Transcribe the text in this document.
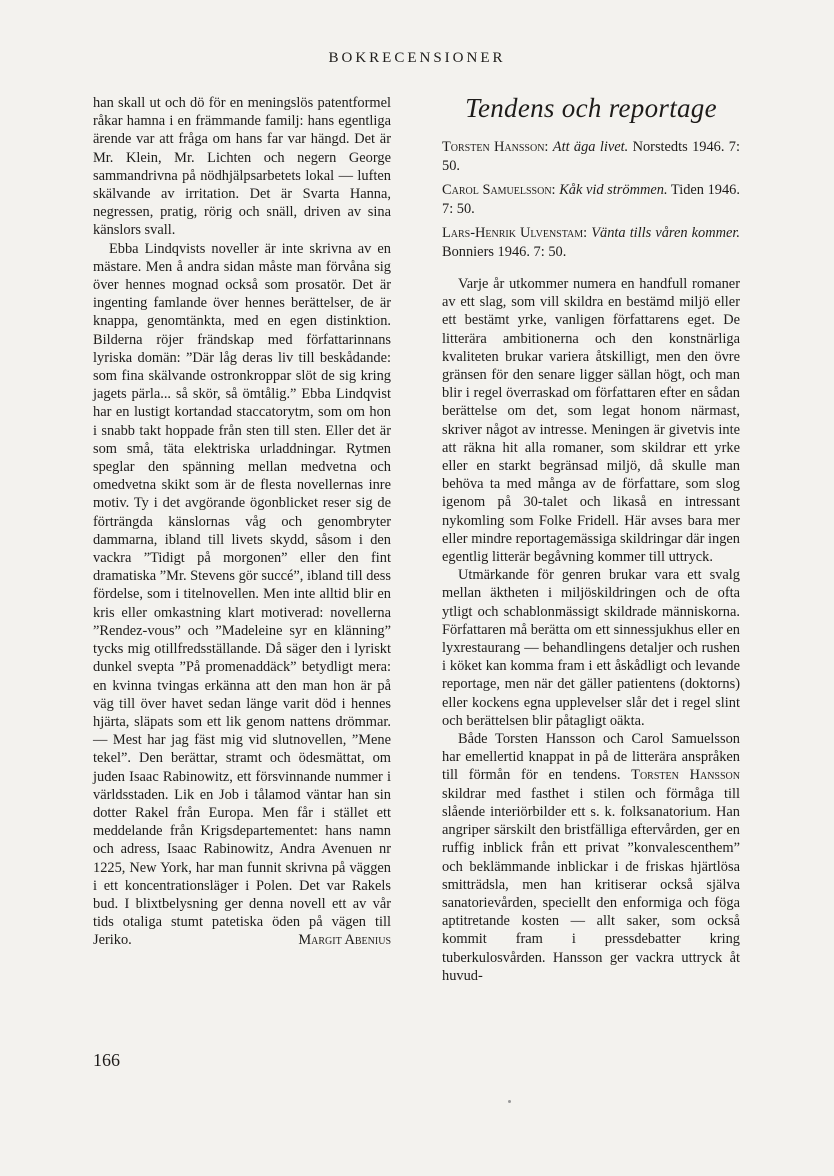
BOKRECENSIONER

han skall ut och dö för en meningslös patentformel råkar hamna i en främmande familj: hans egentliga ärende var att fråga om hans far var hängd. Det är Mr. Klein, Mr. Lichten och negern George sammandrivna på nödhjälpsarbetets lokal — luften skälvande av irritation. Det är Svarta Hanna, negressen, pratig, rörig och snäll, driven av sina känslors svall.

Ebba Lindqvists noveller är inte skrivna av en mästare. Men å andra sidan måste man förvåna sig över hennes mognad också som prosatör. Det är ingenting famlande över hennes berättelser, de är knappa, genomtänkta, med en egen distinktion. Bilderna röjer frändskap med författarinnans lyriska domän: ”Där låg deras liv till beskådande: som fina skälvande ostronkroppar slöt de sig kring jagets pärla... så skör, så ömtålig.” Ebba Lindqvist har en lustigt kortandad staccatorytm, som om hon i snabb takt hoppade från sten till sten. Eller det är som små, täta elektriska urladdningar. Rytmen speglar den spänning mellan medvetna och omedvetna skikt som är de flesta novellernas inre motiv. Ty i det avgörande ögonblicket reser sig de förträngda känslornas våg och genombryter dammarna, ibland till livets skydd, såsom i den vackra ”Tidigt på morgonen” eller den fint dramatiska ”Mr. Stevens gör succé”, ibland till dess fördelse, som i titelnovellen. Men inte alltid blir en kris eller omkastning klart motiverad: novellerna ”Rendez-vous” och ”Madeleine syr en klänning” tycks mig otillfredsställande. Då säger den i lyriskt dunkel svepta ”På promenaddäck” betydligt mera: en kvinna tvingas erkänna att den man hon är på väg till över havet sedan länge varit död i hennes hjärta, släpats som ett lik genom nattens drömmar. — Mest har jag fäst mig vid slutnovellen, ”Mene tekel”. Den berättar, stramt och ödesmättat, om juden Isaac Rabinowitz, ett försvinnande nummer i världsstaden. Lik en Job i tålamod väntar han sin dotter Rakel från Europa. Men får i stället ett meddelande från Krigsdepartementet: hans namn och adress, Isaac Rabinowitz, Andra Avenuen nr 1225, New York, har man funnit skrivna på väggen i ett koncentrationsläger i Polen. Det var Rakels bud. I blixtbelysning ger denna novell ett av vår tids otaliga stumt patetiska öden på vägen till Jeriko.	Margit Abenius

Tendens och reportage
Torsten Hansson: Att äga livet. Norstedts 1946. 7: 50.
Carol Samuelsson: Kåk vid strömmen. Tiden 1946. 7: 50.
Lars-Henrik Ulvenstam: Vänta tills våren kommer. Bonniers 1946. 7: 50.

Varje år utkommer numera en handfull romaner av ett slag, som vill skildra en bestämd miljö eller ett bestämt yrke, vanligen författarens eget. De litterära ambitionerna och den konstnärliga kvaliteten brukar variera åtskilligt, men den övre gränsen för den senare ligger sällan högt, och man blir i regel överraskad om författaren efter en sådan berättelse om det, som legat honom närmast, skriver något av intresse. Meningen är givetvis inte att räkna hit alla romaner, som skildrar ett yrke eller en starkt begränsad miljö, då skulle man behöva ta med många av de författare, som slog igenom på 30-talet och likaså en intressant nykomling som Folke Fridell. Här avses bara mer eller mindre reportagemässiga skildringar där ingen egentlig litterär begåvning kommer till uttryck.

Utmärkande för genren brukar vara ett svalg mellan äktheten i miljöskildringen och de ofta ytligt och schablonmässigt skildrade människorna. Författaren må berätta om ett sinnessjukhus eller en lyxrestaurang — behandlingens detaljer och rushen i köket kan komma fram i ett åskådligt och levande reportage, men när det gäller patientens (doktorns) eller kockens egna upplevelser slår det i regel slint och berättelsen blir påtagligt oäkta.

Både Torsten Hansson och Carol Samuelsson har emellertid knappat in på de litterära anspråken till förmån för en tendens. Torsten Hansson skildrar med fasthet i stilen och förmåga till slående interiörbilder ett s. k. folksanatorium. Han angriper särskilt den bristfälliga eftervården, ger en ruffig inblick från ett privat ”konvalescenthem” och beklämmande inblickar i de friskas hjärtlösa smitträdsla, men han kritiserar också själva sanatorievården, speciellt den enformiga och föga aptitretande kosten — allt saker, som också kommit fram i pressdebatter kring tuberkulosvården. Hansson ger vackra uttryck åt huvud-

166
